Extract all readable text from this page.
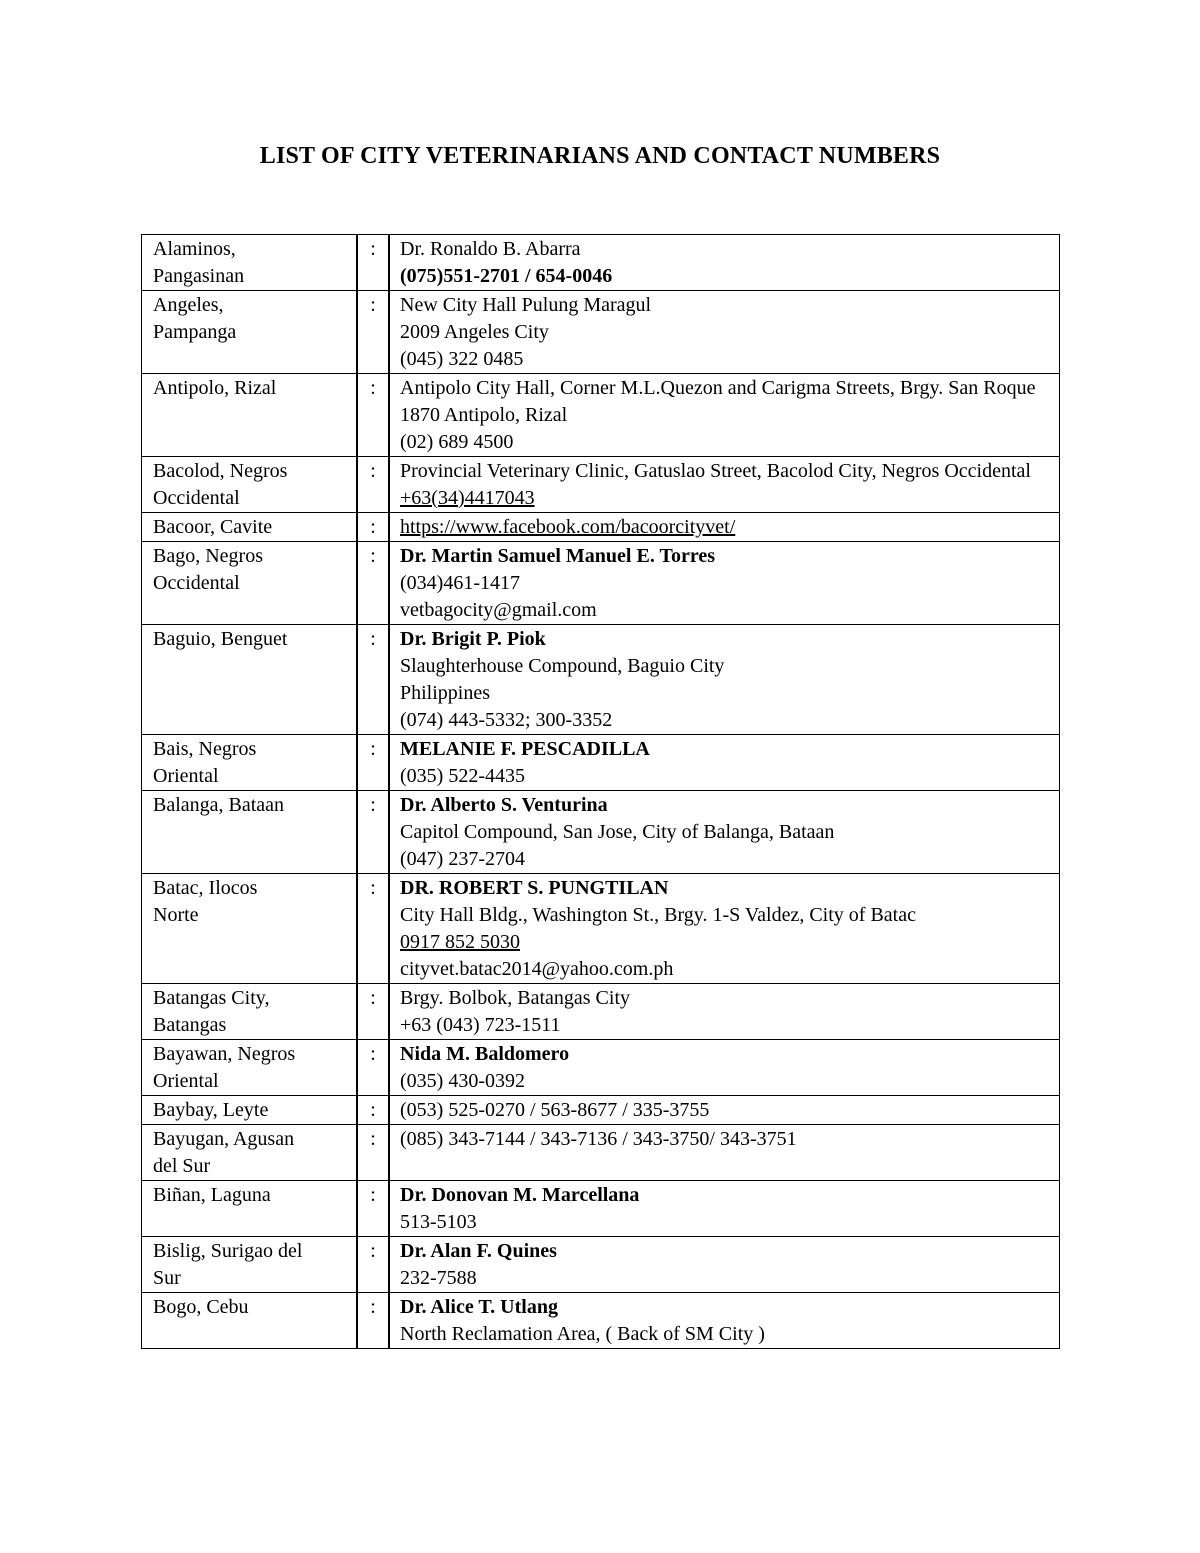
LIST OF CITY VETERINARIANS AND CONTACT NUMBERS
Alaminos,
Pangasinan	:	Dr. Ronaldo B. Abarra
(075)551-2701 / 654-0046

Angeles,
Pampanga	:	New City Hall Pulung Maragul
2009 Angeles City
(045) 322 0485

Antipolo, Rizal	:	Antipolo City Hall, Corner M.L.Quezon and Carigma Streets, Brgy. San Roque
1870 Antipolo, Rizal
(02) 689 4500

Bacolod, Negros
Occidental	:	Provincial Veterinary Clinic, Gatuslao Street, Bacolod City, Negros Occidental
+63(34)4417043

Bacoor, Cavite	:	https://www.facebook.com/bacoorcityvet/

Bago, Negros
Occidental	:	Dr. Martin Samuel Manuel E. Torres
(034)461-1417
vetbagocity@gmail.com

Baguio, Benguet	:	Dr. Brigit P. Piok
Slaughterhouse Compound, Baguio City
Philippines
(074) 443-5332; 300-3352

Bais, Negros
Oriental	:	MELANIE F. PESCADILLA
(035) 522-4435

Balanga, Bataan	:	Dr. Alberto S. Venturina
Capitol Compound, San Jose, City of Balanga, Bataan
(047) 237-2704

Batac, Ilocos
Norte	:	DR. ROBERT S. PUNGTILAN
City Hall Bldg., Washington St., Brgy. 1-S Valdez, City of Batac
0917 852 5030
cityvet.batac2014@yahoo.com.ph

Batangas City,
Batangas	:	Brgy. Bolbok, Batangas City
+63 (043) 723-1511

Bayawan, Negros
Oriental	:	Nida M. Baldomero
(035) 430-0392

Baybay, Leyte	:	(053) 525-0270 / 563-8677 / 335-3755

Bayugan, Agusan
del Sur	:	(085) 343-7144 / 343-7136 / 343-3750/ 343-3751

Biñan, Laguna	:	Dr. Donovan M. Marcellana
513-5103

Bislig, Surigao del
Sur	:	Dr. Alan F. Quines
232-7588

Bogo, Cebu	:	Dr. Alice T. Utlang
North Reclamation Area, ( Back of SM City )
